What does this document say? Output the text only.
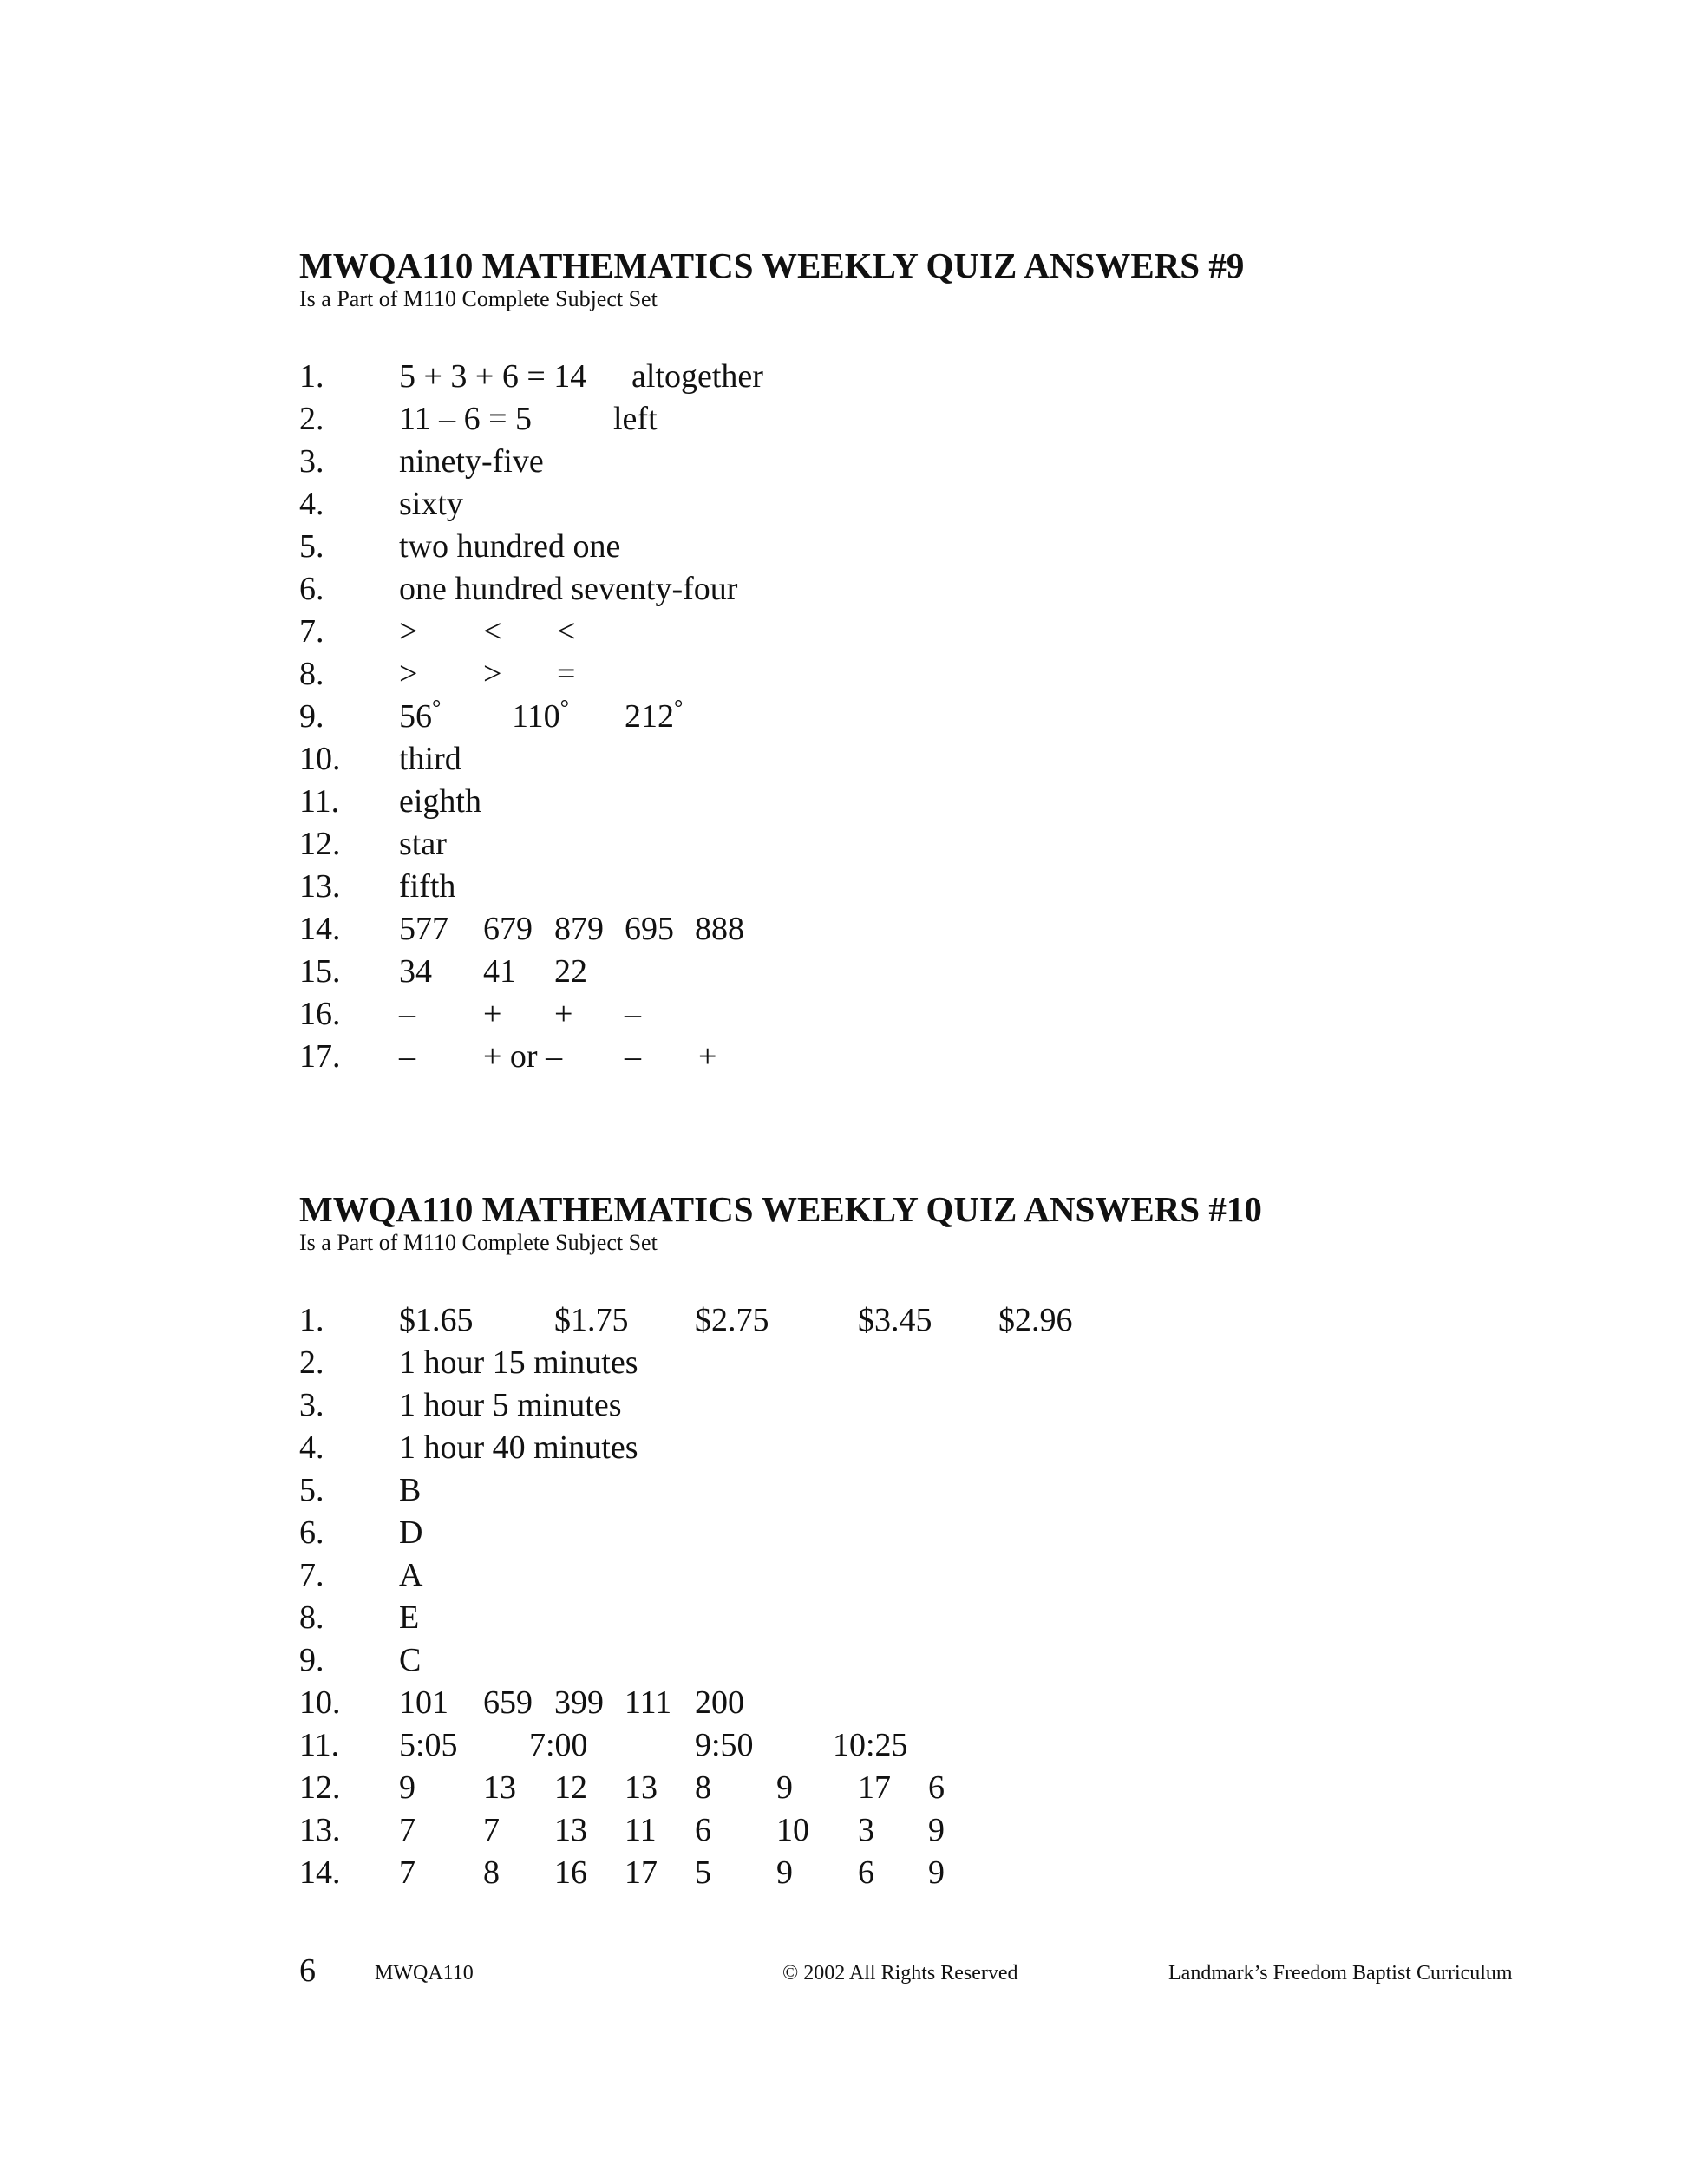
MWQA110 MATHEMATICS WEEKLY QUIZ ANSWERS #9
Is a Part of M110 Complete Subject Set
1. 5 + 3 + 6 = 14 altogether
2. 11 – 6 = 5 left
3. ninety-five
4. sixty
5. two hundred one
6. one hundred seventy-four
7. > < <
8. > > =
9. 56° 110° 212°
10. third
11. eighth
12. star
13. fifth
14. 577 679 879 695 888
15. 34 41 22
16. – + + –
17. – + or – – +
MWQA110 MATHEMATICS WEEKLY QUIZ ANSWERS #10
Is a Part of M110 Complete Subject Set
1. $1.65 $1.75 $2.75	$3.45 $2.96
2. 1 hour 15 minutes
3. 1 hour 5 minutes
4. 1 hour 40 minutes
5. B
6. D
7. A
8. E
9. C
10. 101 659 399 111 200
11. 5:05 7:00	9:50 10:25
12. 9 13 12 13 8 9 17 6
13. 7 7 13 11 6 10 3 9
14. 7 8 16 17 5 9 6 9
6	MWQA110	© 2002 All Rights Reserved	Landmark’s Freedom Baptist Curriculum
